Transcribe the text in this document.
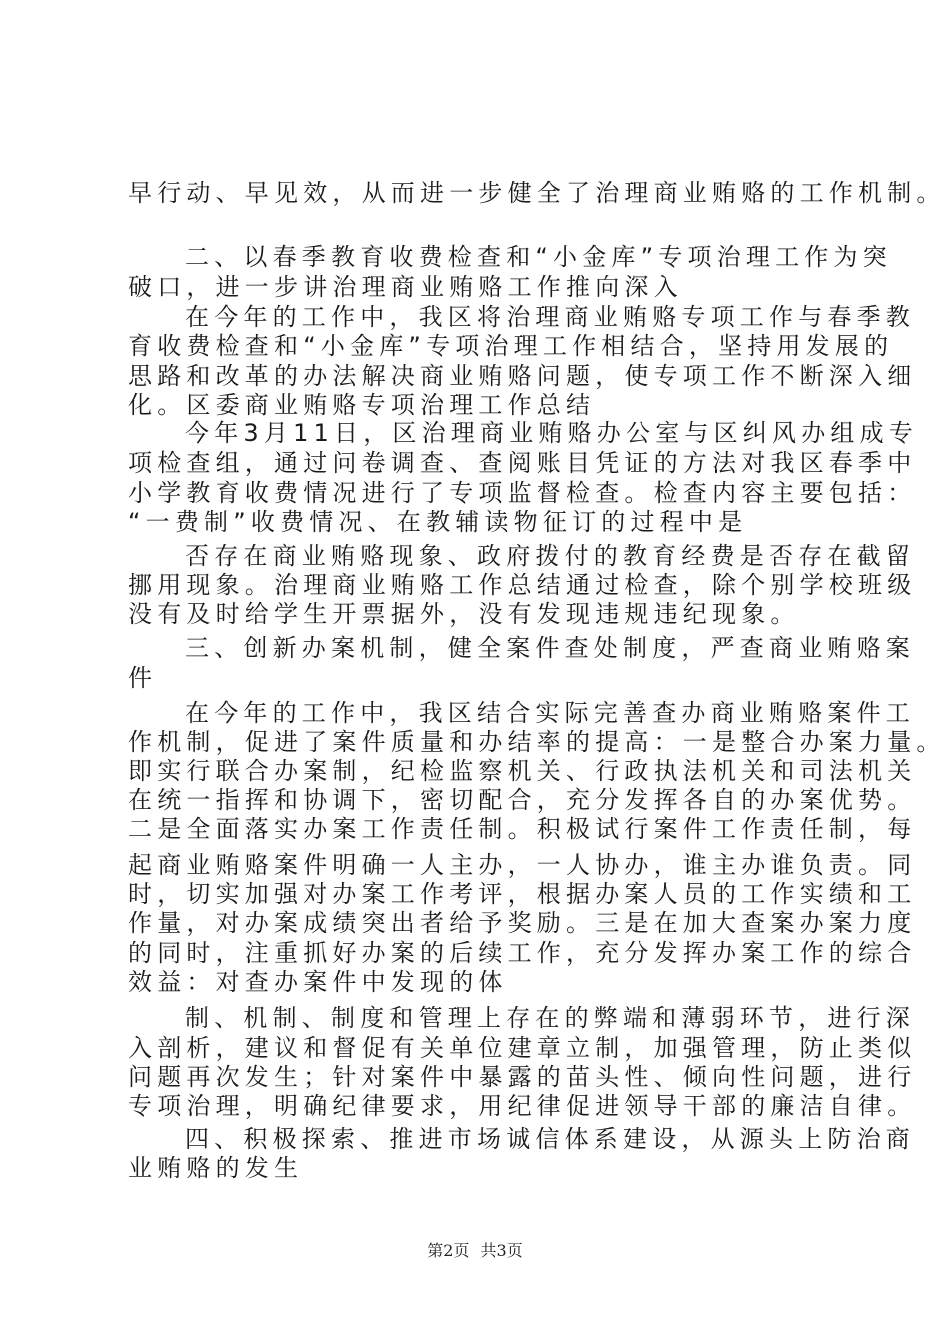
早行动、早见效，从而进一步健全了治理商业贿赂的工作机制。
二、以春季教育收费检查和“小金库”专项治理工作为突
破口，进一步讲治理商业贿赂工作推向深入
在今年的工作中，我区将治理商业贿赂专项工作与春季教
育收费检查和“小金库”专项治理工作相结合，坚持用发展的
思路和改革的办法解决商业贿赂问题，使专项工作不断深入细
化。区委商业贿赂专项治理工作总结
今年3月11日，区治理商业贿赂办公室与区纠风办组成专
项检查组，通过问卷调查、查阅账目凭证的方法对我区春季中
小学教育收费情况进行了专项监督检查。检查内容主要包括：
“一费制”收费情况、在教辅读物征订的过程中是
否存在商业贿赂现象、政府拨付的教育经费是否存在截留
挪用现象。治理商业贿赂工作总结通过检查，除个别学校班级
没有及时给学生开票据外，没有发现违规违纪现象。
三、创新办案机制，健全案件查处制度，严查商业贿赂案
件
在今年的工作中，我区结合实际完善查办商业贿赂案件工
作机制，促进了案件质量和办结率的提高：一是整合办案力量。
即实行联合办案制，纪检监察机关、行政执法机关和司法机关
在统一指挥和协调下，密切配合，充分发挥各自的办案优势。
二是全面落实办案工作责任制。积极试行案件工作责任制，每
起商业贿赂案件明确一人主办，一人协办，谁主办谁负责。同
时，切实加强对办案工作考评，根据办案人员的工作实绩和工
作量，对办案成绩突出者给予奖励。三是在加大查案办案力度
的同时，注重抓好办案的后续工作，充分发挥办案工作的综合
效益：对查办案件中发现的体
制、机制、制度和管理上存在的弊端和薄弱环节，进行深
入剖析，建议和督促有关单位建章立制，加强管理，防止类似
问题再次发生；针对案件中暴露的苗头性、倾向性问题，进行
专项治理，明确纪律要求，用纪律促进领导干部的廉洁自律。
四、积极探索、推进市场诚信体系建设，从源头上防治商
业贿赂的发生
第2页 共3页
